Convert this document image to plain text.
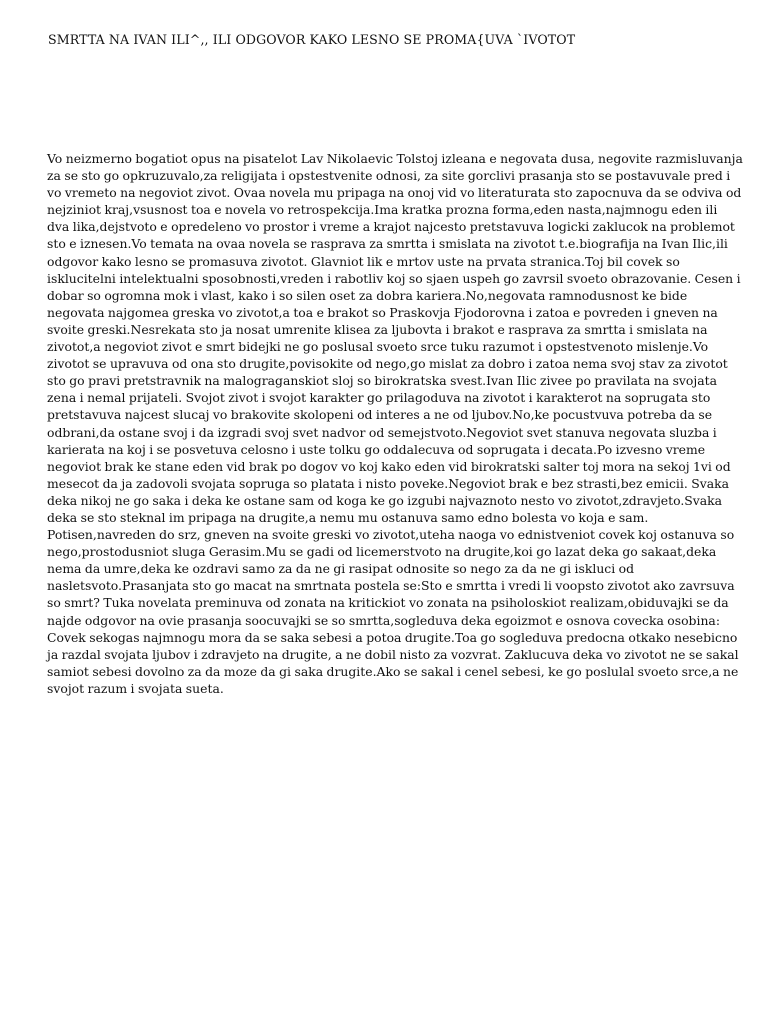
SMRTTA NA IVAN ILI^,, ILI ODGOVOR KAKO LESNO SE PROMA{UVA `IVOTOT

Vo neizmerno bogatiot opus na pisatelot Lav Nikolaevic Tolstoj izleana e negovata dusa, negovite razmisluvanja za se sto go opkruzuvalo,za religijata i opstestvenite odnosi, za site gorclivi prasanja sto se postavuvale pred i vo vremeto na negoviot zivot. Ovaa novela mu pripaga na onoj vid vo literaturata sto zapocnuva da se odviva od nejziniot kraj,vsusnost toa e novela vo retrospekcija.Ima kratka prozna forma,eden nasta,najmnogu eden ili dva lika,dejstvoto e opredeleno vo prostor i vreme a krajot najcesto pretstavuva logicki zaklucok na problemot sto e iznesen.Vo temata na ovaa novela se rasprava za smrtta i smislata na zivotot t.e.biografija na Ivan Ilic,ili odgovor kako lesno se promasuva zivotot. Glavniot lik e mrtov uste na prvata stranica.Toj bil covek so isklucitelni intelektualni sposobnosti,vreden i rabotliv koj so sjaen uspeh go zavrsil svoeto obrazovanie. Cesen i dobar so ogromna mok i vlast, kako i so silen oset za dobra kariera.No,negovata ramnodusnost ke bide negovata najgomea greska vo zivotot,a toa e brakot so Praskovja Fjodorovna i zatoa e povreden i gneven na svoite greski.Nesrekata sto ja nosat umrenite klisea za ljubovta i brakot e rasprava za smrtta i smislata na zivotot,a negoviot zivot e smrt bidejki ne go poslusal svoeto srce tuku razumot i opstestvenoto mislenje.Vo zivotot se upravuva od ona sto drugite,povisokite od nego,go mislat za dobro i zatoa nema svoj stav za zivotot sto go pravi pretstravnik na malograganskiot sloj so birokratska svest.Ivan Ilic zivee po pravilata na svojata zena i nemal prijateli. Svojot zivot i svojot karakter go prilagoduva na zivotot i karakterot na soprugata sto pretstavuva najcest slucaj vo brakovite skolopeni od interes a ne od ljubov.No,ke pocustvuva potreba da se odbrani,da ostane svoj i da izgradi svoj svet nadvor od semejstvoto.Negoviot svet stanuva negovata sluzba i karierata na koj i se posvetuva celosno i uste tolku go oddalecuva od soprugata i decata.Po izvesno vreme negoviot brak ke stane eden vid brak po dogov vo koj kako eden vid birokratski salter toj mora na sekoj 1vi od mesecot da ja zadovoli svojata sopruga so platata i nisto poveke.Negoviot brak e bez strasti,bez emicii. Svaka deka nikoj ne go saka i deka ke ostane sam od koga ke go izgubi najvaznoto nesto vo zivotot,zdravjeto.Svaka deka se sto steknal im pripaga na drugite,a nemu mu ostanuva samo edno bolesta vo koja e sam. Potisen,navreden do srz, gneven na svoite greski vo zivotot,uteha naoga vo ednistveniot covek koj ostanuva so nego,prostodusniot sluga Gerasim.Mu se gadi od licemerstvoto na drugite,koi go lazat deka go sakaat,deka nema da umre,deka ke ozdravi samo za da ne gi rasipat odnosite so nego za da ne gi iskluci od nasletsvoto.Prasanjata sto go macat na smrtnata postela se:Sto e smrtta i vredi li voopsto zivotot ako zavrsuva so smrt? Tuka novelata preminuva od zonata na kritickiot vo zonata na psiholoskiot realizam,obiduvajki se da najde odgovor na ovie prasanja soocuvajki se so smrtta,sogleduva deka egoizmot e osnova covecka osobina: Covek sekogas najmnogu mora da se saka sebesi a potoa drugite.Toa go sogleduva predocna otkako nesebicno ja razdal svojata ljubov i zdravjeto na drugite, a ne dobil nisto za vozvrat. Zaklucuva deka vo zivotot ne se sakal samiot sebesi dovolno za da moze da gi saka drugite.Ako se sakal i cenel sebesi, ke go poslulal svoeto srce,a ne svojot razum i svojata sueta.
